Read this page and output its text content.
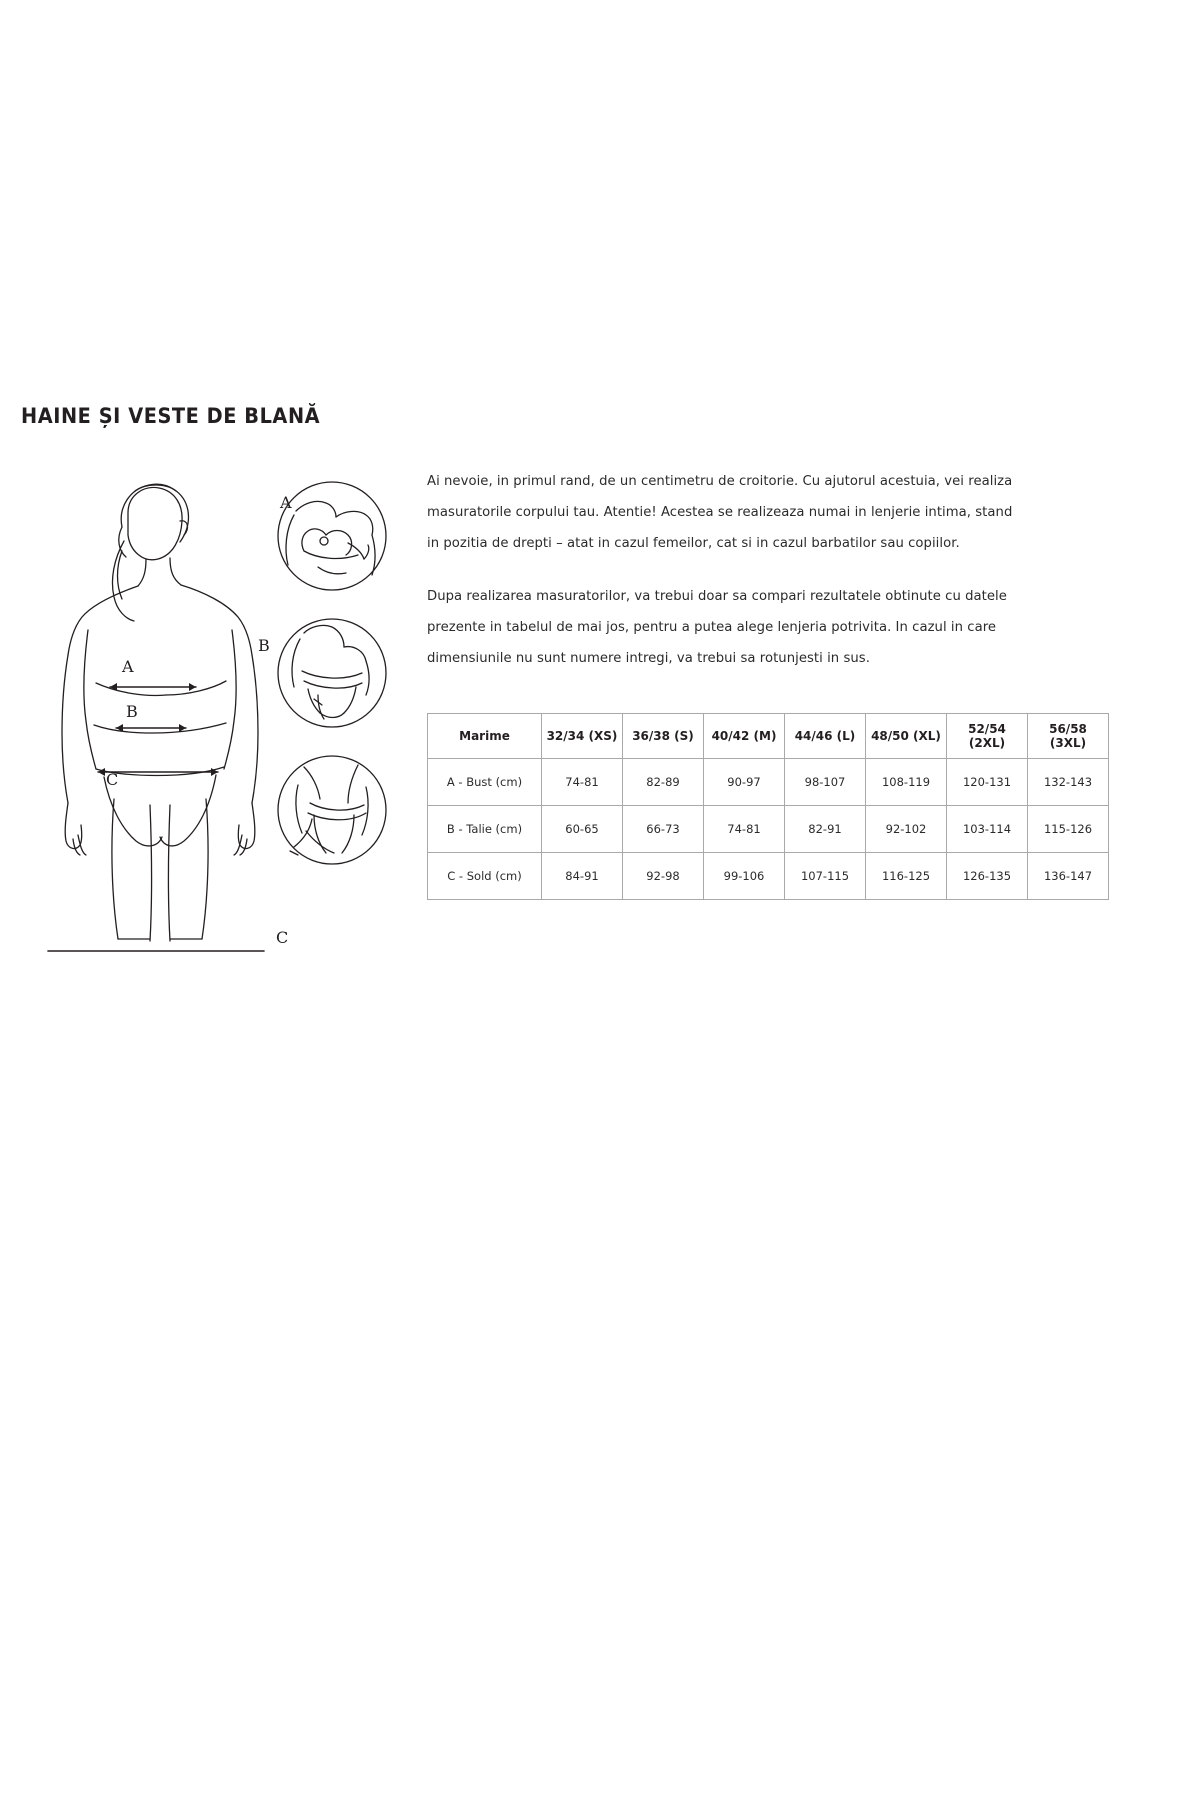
HAINE ȘI VESTE DE BLANĂ
A
B
C
A
B
C

Ai nevoie, in primul rand, de un centimetru de croitorie. Cu ajutorul acestuia, vei realiza masuratorile corpului tau. Atentie! Acestea se realizeaza numai in lenjerie intima, stand in pozitia de drepti – atat in cazul femeilor, cat si in cazul barbatilor sau copiilor.

Dupa realizarea masuratorilor, va trebui doar sa compari rezultatele obtinute cu datele prezente in tabelul de mai jos, pentru a putea alege lenjeria potrivita. In cazul in care dimensiunile nu sunt numere intregi, va trebui sa rotunjesti in sus.

Marime	32/34 (XS)	36/38 (S)	40/42 (M)	44/46 (L)	48/50 (XL)	52/54 (2XL)	56/58 (3XL)
A - Bust (cm)	74-81	82-89	90-97	98-107	108-119	120-131	132-143
B - Talie (cm)	60-65	66-73	74-81	82-91	92-102	103-114	115-126
C - Sold (cm)	84-91	92-98	99-106	107-115	116-125	126-135	136-147
